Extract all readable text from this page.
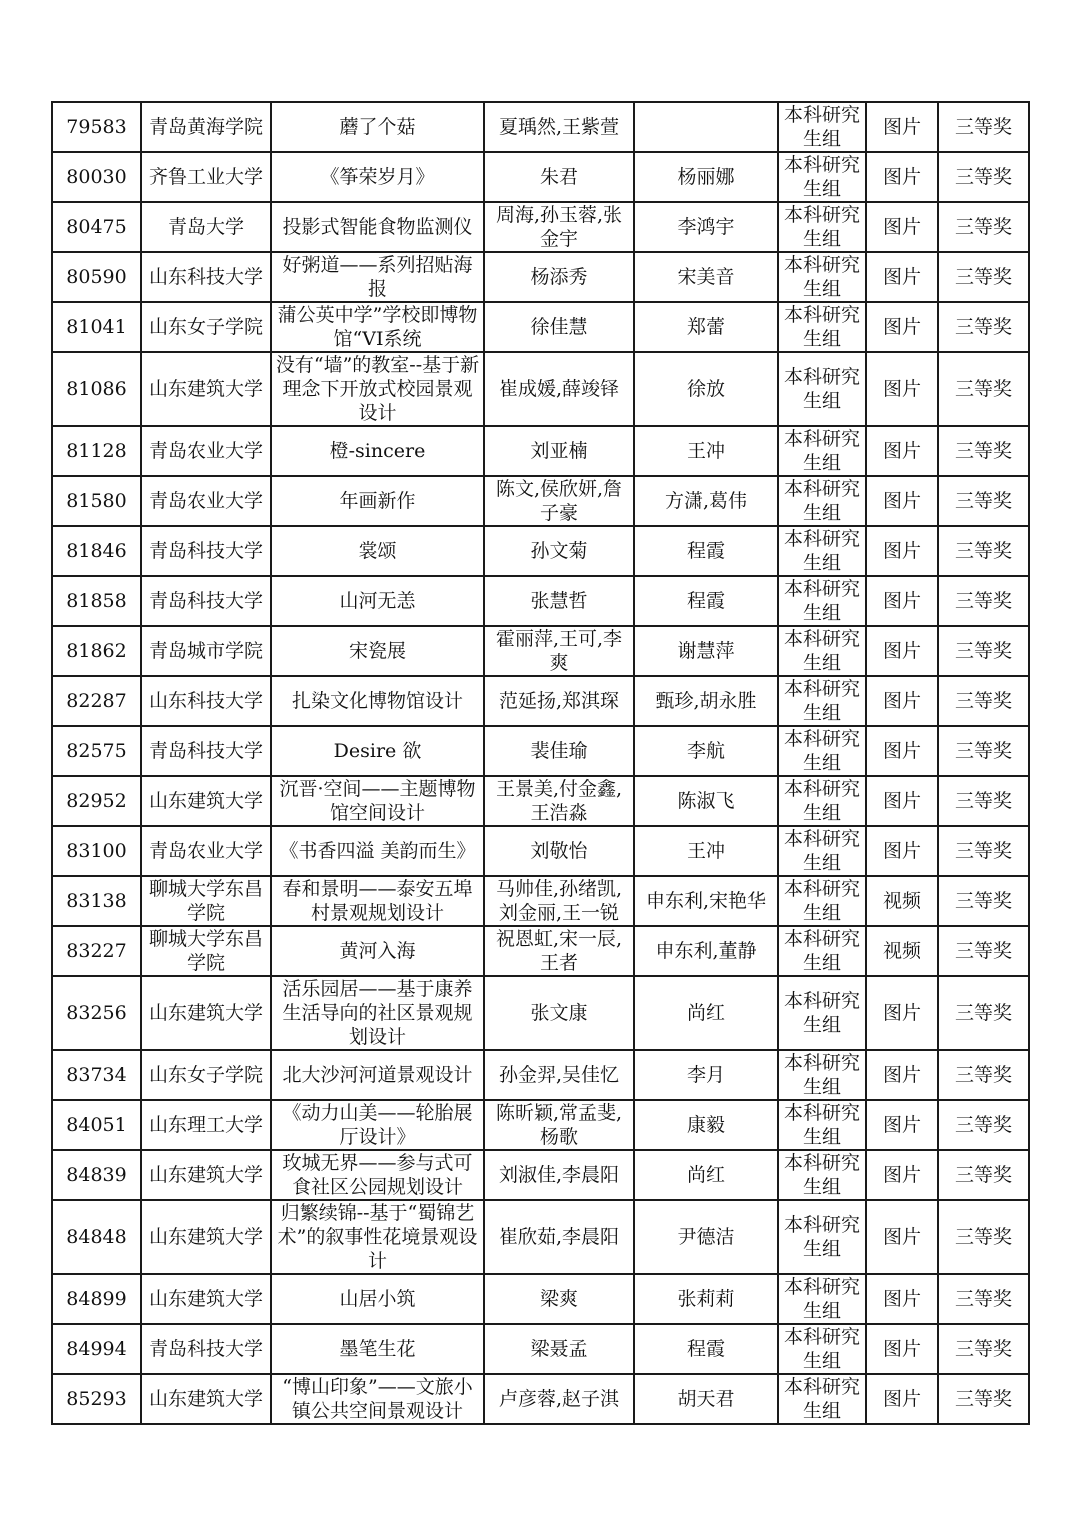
79583	青岛黄海学院	蘑了个菇	夏瑀然,王紫萱		本科研究生组	图片	三等奖
80030	齐鲁工业大学	《筝荣岁月》	朱君	杨丽娜	本科研究生组	图片	三等奖
80475	青岛大学	投影式智能食物监测仪	周海,孙玉蓉,张金宇	李鸿宇	本科研究生组	图片	三等奖
80590	山东科技大学	好粥道——系列招贴海报	杨添秀	宋美音	本科研究生组	图片	三等奖
81041	山东女子学院	蒲公英中学”学校即博物馆“VI系统	徐佳慧	郑蕾	本科研究生组	图片	三等奖
81086	山东建筑大学	没有“墙”的教室--基于新理念下开放式校园景观设计	崔成媛,薛竣铎	徐放	本科研究生组	图片	三等奖
81128	青岛农业大学	橙-sincere	刘亚楠	王冲	本科研究生组	图片	三等奖
81580	青岛农业大学	年画新作	陈文,侯欣妍,詹子豪	方潇,葛伟	本科研究生组	图片	三等奖
81846	青岛科技大学	裳颂	孙文菊	程霞	本科研究生组	图片	三等奖
81858	青岛科技大学	山河无恙	张慧哲	程霞	本科研究生组	图片	三等奖
81862	青岛城市学院	宋瓷展	霍丽萍,王可,李爽	谢慧萍	本科研究生组	图片	三等奖
82287	山东科技大学	扎染文化博物馆设计	范延扬,郑淇琛	甄珍,胡永胜	本科研究生组	图片	三等奖
82575	青岛科技大学	Desire 欲	裴佳瑜	李航	本科研究生组	图片	三等奖
82952	山东建筑大学	沉晋·空间——主题博物馆空间设计	王景美,付金鑫,王浩淼	陈淑飞	本科研究生组	图片	三等奖
83100	青岛农业大学	《书香四溢 美韵而生》	刘敬怡	王冲	本科研究生组	图片	三等奖
83138	聊城大学东昌学院	春和景明——泰安五埠村景观规划设计	马帅佳,孙绪凯,刘金丽,王一锐	申东利,宋艳华	本科研究生组	视频	三等奖
83227	聊城大学东昌学院	黄河入海	祝恩虹,宋一辰,王者	申东利,董静	本科研究生组	视频	三等奖
83256	山东建筑大学	活乐园居——基于康养生活导向的社区景观规划设计	张文康	尚红	本科研究生组	图片	三等奖
83734	山东女子学院	北大沙河河道景观设计	孙金羿,吴佳忆	李月	本科研究生组	图片	三等奖
84051	山东理工大学	《动力山美——轮胎展厅设计》	陈昕颖,常孟斐,杨歌	康毅	本科研究生组	图片	三等奖
84839	山东建筑大学	玫城无界——参与式可食社区公园规划设计	刘淑佳,李晨阳	尚红	本科研究生组	图片	三等奖
84848	山东建筑大学	归繁续锦--基于“蜀锦艺术”的叙事性花境景观设计	崔欣茹,李晨阳	尹德洁	本科研究生组	图片	三等奖
84899	山东建筑大学	山居小筑	梁爽	张莉莉	本科研究生组	图片	三等奖
84994	青岛科技大学	墨笔生花	梁聂孟	程霞	本科研究生组	图片	三等奖
85293	山东建筑大学	“博山印象”——文旅小镇公共空间景观设计	卢彦蓉,赵子淇	胡天君	本科研究生组	图片	三等奖
